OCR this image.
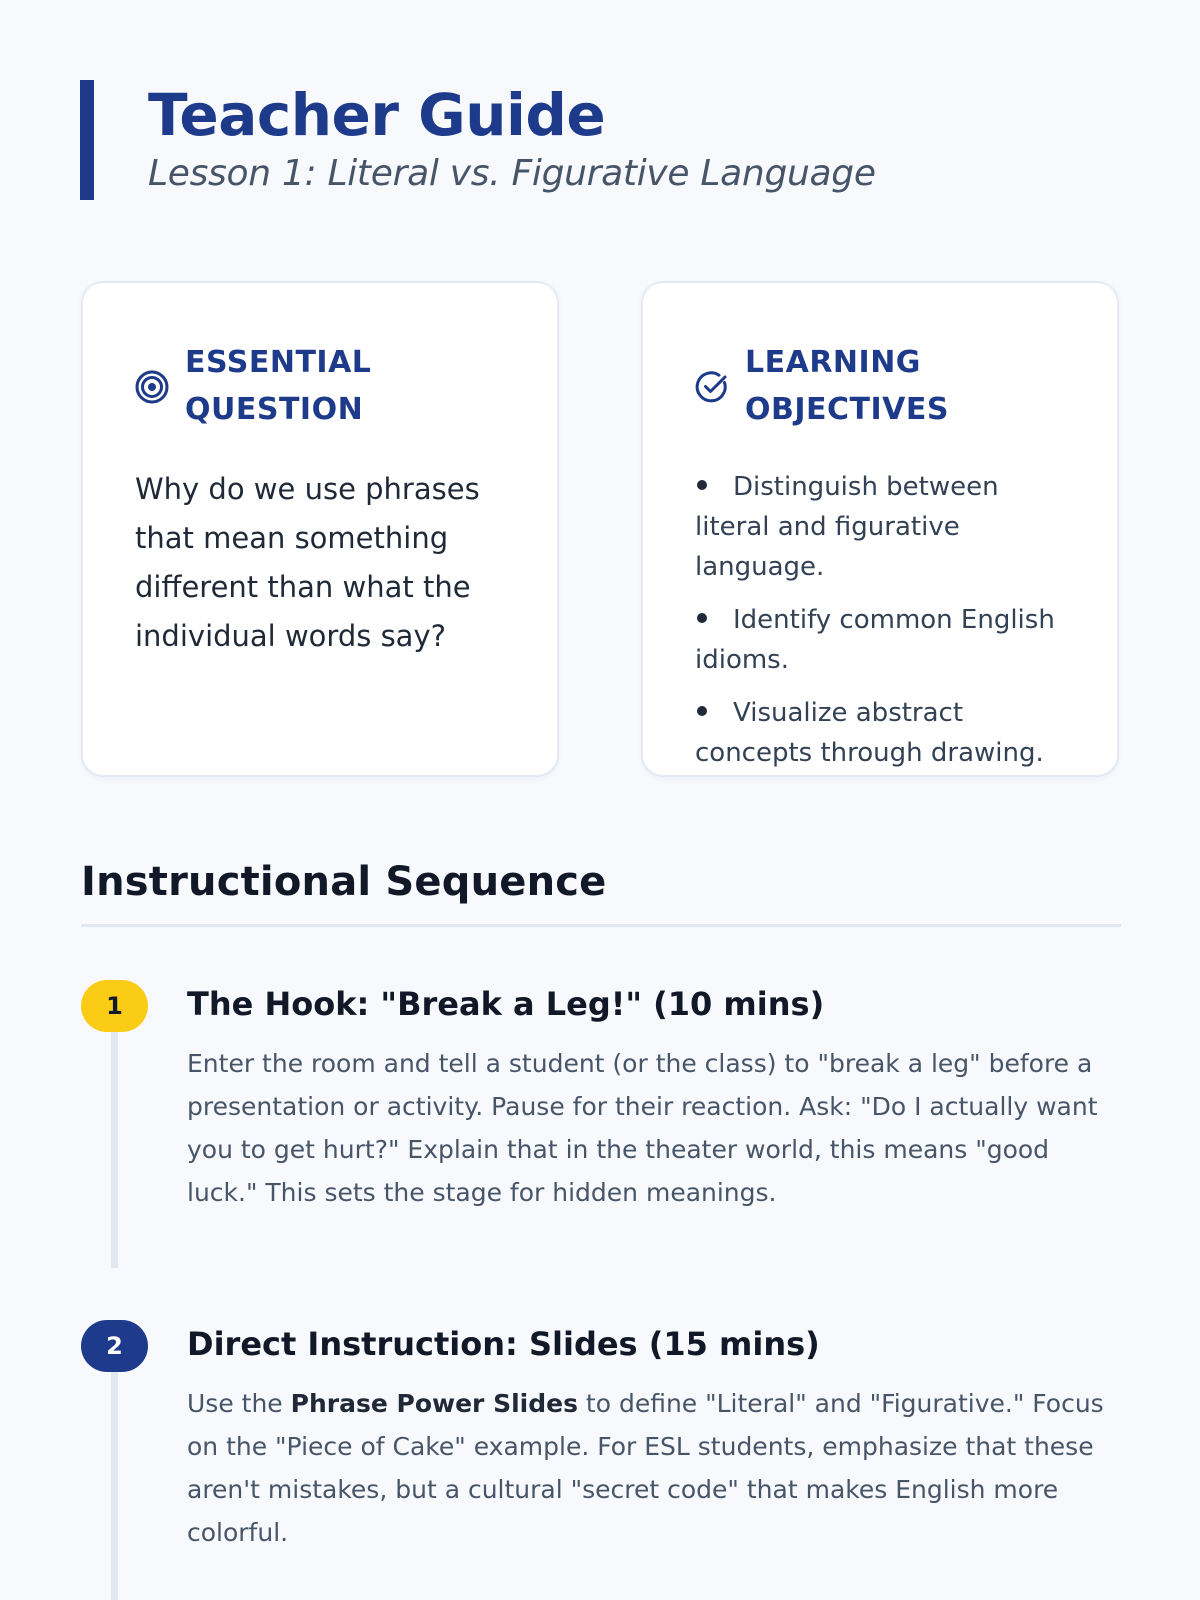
Teacher Guide
Lesson 1: Literal vs. Figurative Language
ESSENTIAL
QUESTION

Why do we use phrases that mean something different than what the individual words say?

LEARNING
OBJECTIVES
Distinguish between literal and figurative language.
Identify common English idioms.
Visualize abstract concepts through drawing.
Instructional Sequence
1	The Hook: "Break a Leg!" (10 mins)

Enter the room and tell a student (or the class) to "break a leg" before a presentation or activity. Pause for their reaction. Ask: "Do I actually want you to get hurt?" Explain that in the theater world, this means "good luck." This sets the stage for hidden meanings.

2	Direct Instruction: Slides (15 mins)

Use the Phrase Power Slides to define "Literal" and "Figurative." Focus on the "Piece of Cake" example. For ESL students, emphasize that these aren't mistakes, but a cultural "secret code" that makes English more colorful.
